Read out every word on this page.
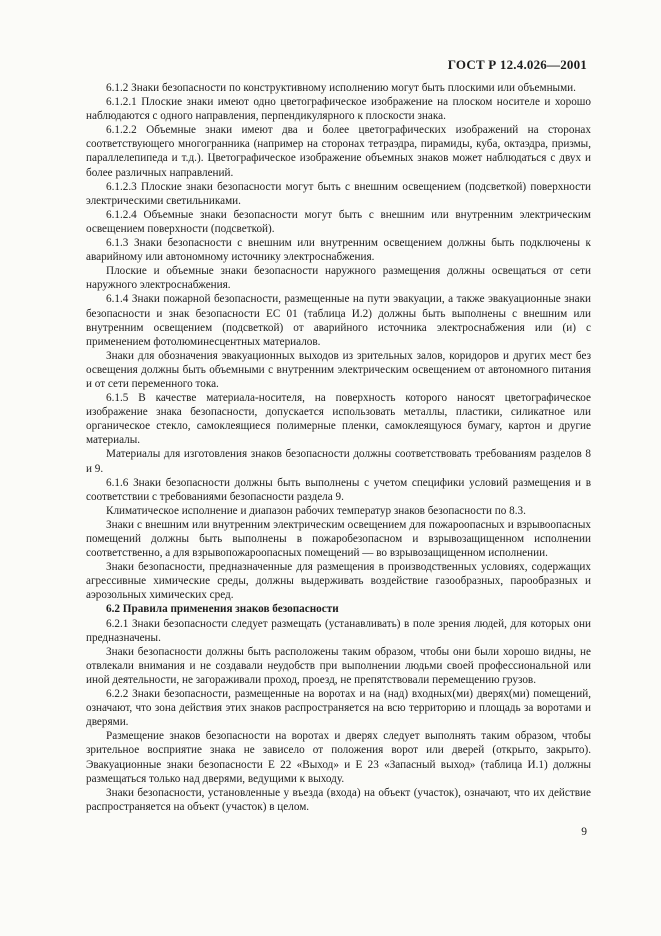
ГОСТ Р 12.4.026—2001

6.1.2 Знаки безопасности по конструктивному исполнению могут быть плоскими или объемными.

6.1.2.1 Плоские знаки имеют одно цветографическое изображение на плоском носителе и хорошо наблюдаются с одного направления, перпендикулярного к плоскости знака.

6.1.2.2 Объемные знаки имеют два и более цветографических изображений на сторонах соответствующего многогранника (например на сторонах тетраэдра, пирамиды, куба, октаэдра, призмы, параллелепипеда и т.д.). Цветографическое изображение объемных знаков может наблюдаться с двух и более различных направлений.

6.1.2.3 Плоские знаки безопасности могут быть с внешним освещением (подсветкой) поверхности электрическими светильниками.

6.1.2.4 Объемные знаки безопасности могут быть с внешним или внутренним электрическим освещением поверхности (подсветкой).

6.1.3 Знаки безопасности с внешним или внутренним освещением должны быть подключены к аварийному или автономному источнику электроснабжения.

Плоские и объемные знаки безопасности наружного размещения должны освещаться от сети наружного электроснабжения.

6.1.4 Знаки пожарной безопасности, размещенные на пути эвакуации, а также эвакуационные знаки безопасности и знак безопасности ЕС 01 (таблица И.2) должны быть выполнены с внешним или внутренним освещением (подсветкой) от аварийного источника электроснабжения или (и) с применением фотолюминесцентных материалов.

Знаки для обозначения эвакуационных выходов из зрительных залов, коридоров и других мест без освещения должны быть объемными с внутренним электрическим освещением от автономного питания и от сети переменного тока.

6.1.5 В качестве материала-носителя, на поверхность которого наносят цветографическое изображение знака безопасности, допускается использовать металлы, пластики, силикатное или органическое стекло, самоклеящиеся полимерные пленки, самоклеящуюся бумагу, картон и другие материалы.

Материалы для изготовления знаков безопасности должны соответствовать требованиям разделов 8 и 9.

6.1.6 Знаки безопасности должны быть выполнены с учетом специфики условий размещения и в соответствии с требованиями безопасности раздела 9.

Климатическое исполнение и диапазон рабочих температур знаков безопасности по 8.3.

Знаки с внешним или внутренним электрическим освещением для пожароопасных и взрывоопасных помещений должны быть выполнены в пожаробезопасном и взрывозащищенном исполнении соответственно, а для взрывопожароопасных помещений — во взрывозащищенном исполнении.

Знаки безопасности, предназначенные для размещения в производственных условиях, содержащих агрессивные химические среды, должны выдерживать воздействие газообразных, парообразных и аэрозольных химических сред.

6.2 Правила применения знаков безопасности

6.2.1 Знаки безопасности следует размещать (устанавливать) в поле зрения людей, для которых они предназначены.

Знаки безопасности должны быть расположены таким образом, чтобы они были хорошо видны, не отвлекали внимания и не создавали неудобств при выполнении людьми своей профессиональной или иной деятельности, не загораживали проход, проезд, не препятствовали перемещению грузов.

6.2.2 Знаки безопасности, размещенные на воротах и на (над) входных(ми) дверях(ми) помещений, означают, что зона действия этих знаков распространяется на всю территорию и площадь за воротами и дверями.

Размещение знаков безопасности на воротах и дверях следует выполнять таким образом, чтобы зрительное восприятие знака не зависело от положения ворот или дверей (открыто, закрыто). Эвакуационные знаки безопасности Е 22 «Выход» и Е 23 «Запасный выход» (таблица И.1) должны размещаться только над дверями, ведущими к выходу.

Знаки безопасности, установленные у въезда (входа) на объект (участок), означают, что их действие распространяется на объект (участок) в целом.

9
